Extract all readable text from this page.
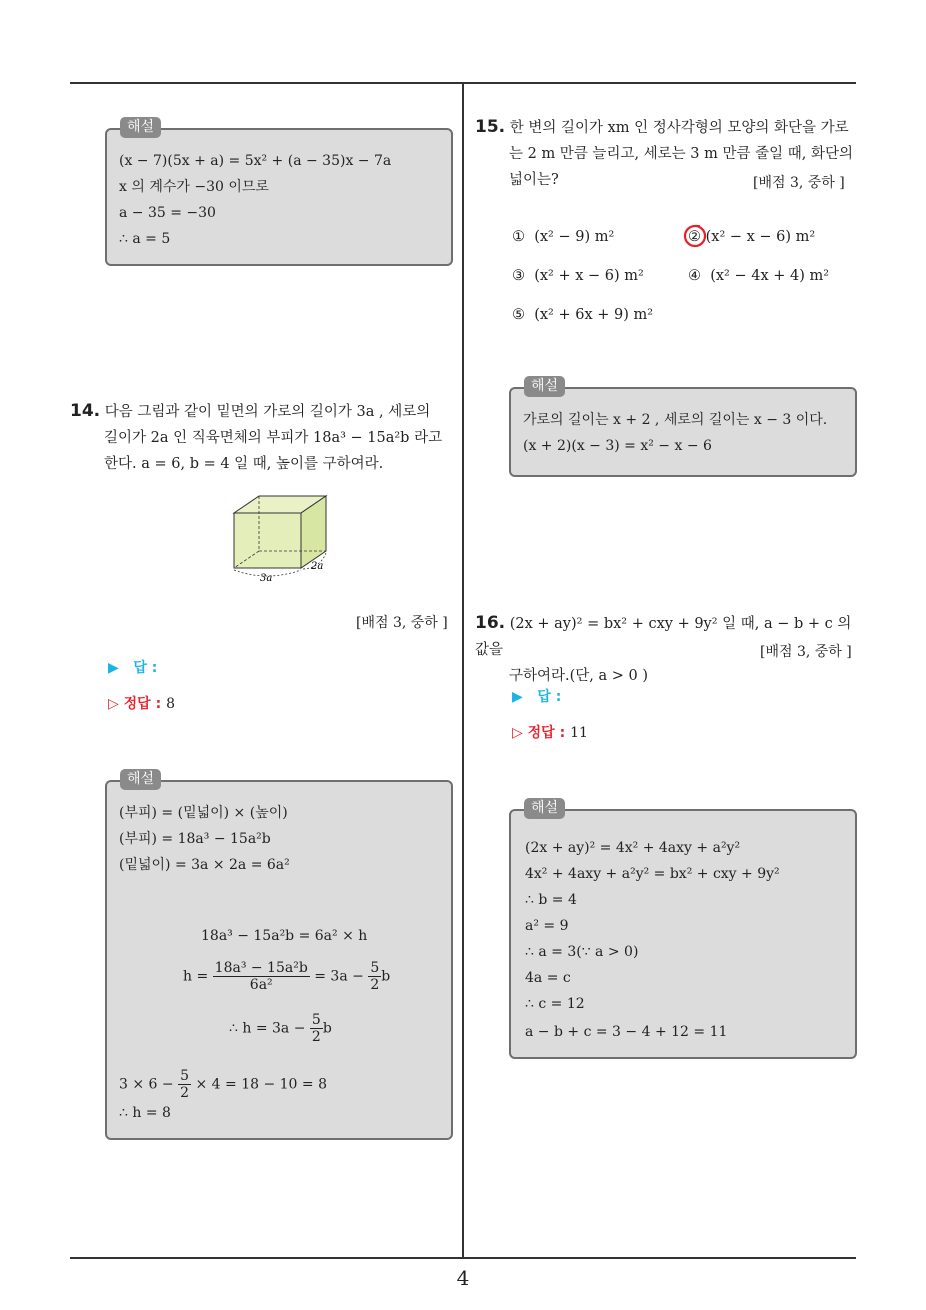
(x − 7)(5x + a) = 5x² + (a − 35)x − 7a
x 의 계수가 −30 이므로
a − 35 = −30
∴ a = 5
해설
14. 다음 그림과 같이 밑면의 가로의 길이가 3a , 세로의
길이가 2a 인 직육면체의 부피가 18a³ − 15a²b 라고
한다. a = 6, b = 4 일 때, 높이를 구하여라.
3a
2a
[배점 3, 중하 ]
▶ 답 :
▷ 정답 : 8
(부피) = (밑넓이) × (높이)
(부피) = 18a³ − 15a²b
(밑넓이) = 3a × 2a = 6a²
18a³ − 15a²b = 6a² × h
$h = \frac{\text{18a³ − 15a²b}}{\text{6a²}} = 3a - \frac{5}{2}$ b
∴ $h = 3a - \frac{5}{2}$ b
$3 \times 6 - \frac{5}{2} \times 4 = 18 - 10 = 8$
∴ h = 8
해설
15. 한 변의 길이가 xm 인 정사각형의 모양의 화단을 가로
는 2 m 만큼 늘리고, 세로는 3 m 만큼 줄일 때, 화단의
넓이는?	[배점 3, 중하 ]
① (x² − 9) m²	② (x² − x − 6) m²
③ (x² + x − 6) m²	④ (x² − 4x + 4) m²
⑤ (x² + 6x + 9) m²
가로의 길이는 x + 2 , 세로의 길이는 x − 3 이다.
(x + 2)(x − 3) = x² − x − 6
해설
16. (2x + ay)² = bx² + cxy + 9y² 일 때, a − b + c 의 값을
구하여라.(단, a > 0 )
[배점 3, 중하 ]
▶ 답 :
▷ 정답 : 11
(2x + ay)² = 4x² + 4axy + a²y²
4x² + 4axy + a²y² = bx² + cxy + 9y²
∴ b = 4
a² = 9
∴ a = 3(∵ a > 0)
4a = c
∴ c = 12
a − b + c = 3 − 4 + 12 = 11
해설
4
